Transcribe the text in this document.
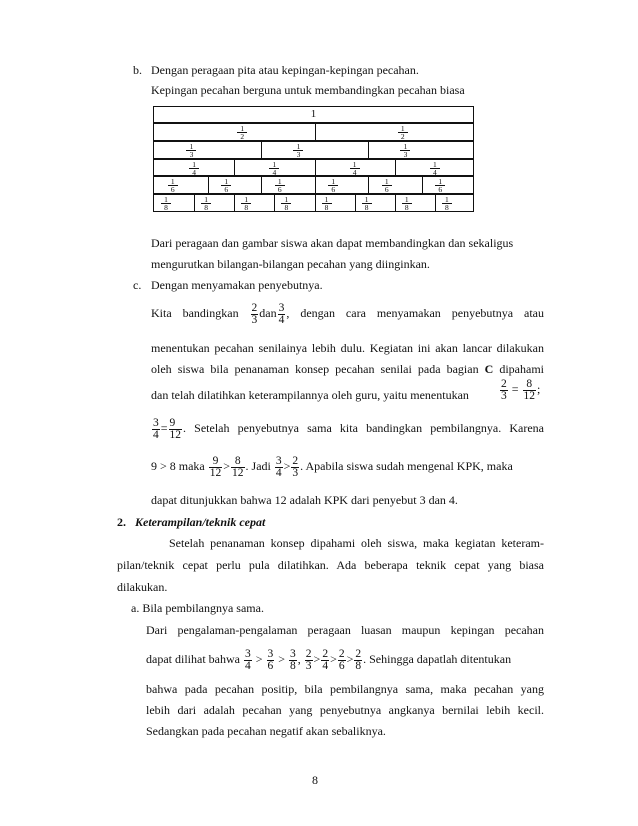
b. Dengan peragaan pita atau kepingan-kepingan pecahan.
Kepingan pecahan berguna untuk membandingkan pecahan biasa
1
$\frac{1}{2}$	$\frac{1}{2}$
$\frac{1}{3}$	$\frac{1}{3}$	$\frac{1}{3}$
$\frac{1}{4}$	$\frac{1}{4}$	$\frac{1}{4}$	$\frac{1}{4}$
$\frac{1}{6}$	$\frac{1}{6}$	$\frac{1}{6}$	$\frac{1}{6}$	$\frac{1}{6}$	$\frac{1}{6}$
$\frac{1}{8}$	$\frac{1}{8}$	$\frac{1}{8}$	$\frac{1}{8}$	$\frac{1}{8}$	$\frac{1}{8}$	$\frac{1}{8}$	$\frac{1}{8}$
Dari peragaan dan gambar siswa akan dapat membandingkan dan sekaligus
mengurutkan bilangan-bilangan pecahan yang diinginkan.
c. Dengan menyamakan penyebutnya.
Kita bandingkan $\frac{2}{3}$ dan $\frac{3}{4}$ , dengan cara menyamakan penyebutnya atau
menentukan pecahan senilainya lebih dulu. Kegiatan ini akan lancar dilakukan
oleh siswa bila penanaman konsep pecahan senilai pada bagian C dipahami
dan telah dilatihkan keterampilannya oleh guru, yaitu menentukan	$\frac{2}{3} = \frac{8}{12}$ ;
$\frac{3}{4} = \frac{9}{12}$ . Setelah penyebutnya sama kita bandingkan pembilangnya. Karena
9 > 8 maka $\frac{9}{12} > \frac{8}{12}$ . Jadi $\frac{3}{4} > \frac{2}{3}$ . Apabila siswa sudah mengenal KPK, maka
dapat ditunjukkan bahwa 12 adalah KPK dari penyebut 3 dan 4.
2. Keterampilan/teknik cepat
Setelah penanaman konsep dipahami oleh siswa, maka kegiatan keteram-
pilan/teknik cepat perlu pula dilatihkan. Ada beberapa teknik cepat yang biasa
dilakukan.
a. Bila pembilangnya sama.
Dari pengalaman-pengalaman peragaan luasan maupun kepingan pecahan
dapat dilihat bahwa $\frac{3}{4} > \frac{3}{6} > \frac{3}{8}$ , $\frac{2}{3} > \frac{2}{4} > \frac{2}{6} > \frac{2}{8}$ . Sehingga dapatlah ditentukan
bahwa pada pecahan positip, bila pembilangnya sama, maka pecahan yang
lebih dari adalah pecahan yang penyebutnya angkanya bernilai lebih kecil.
Sedangkan pada pecahan negatif akan sebaliknya.
8
